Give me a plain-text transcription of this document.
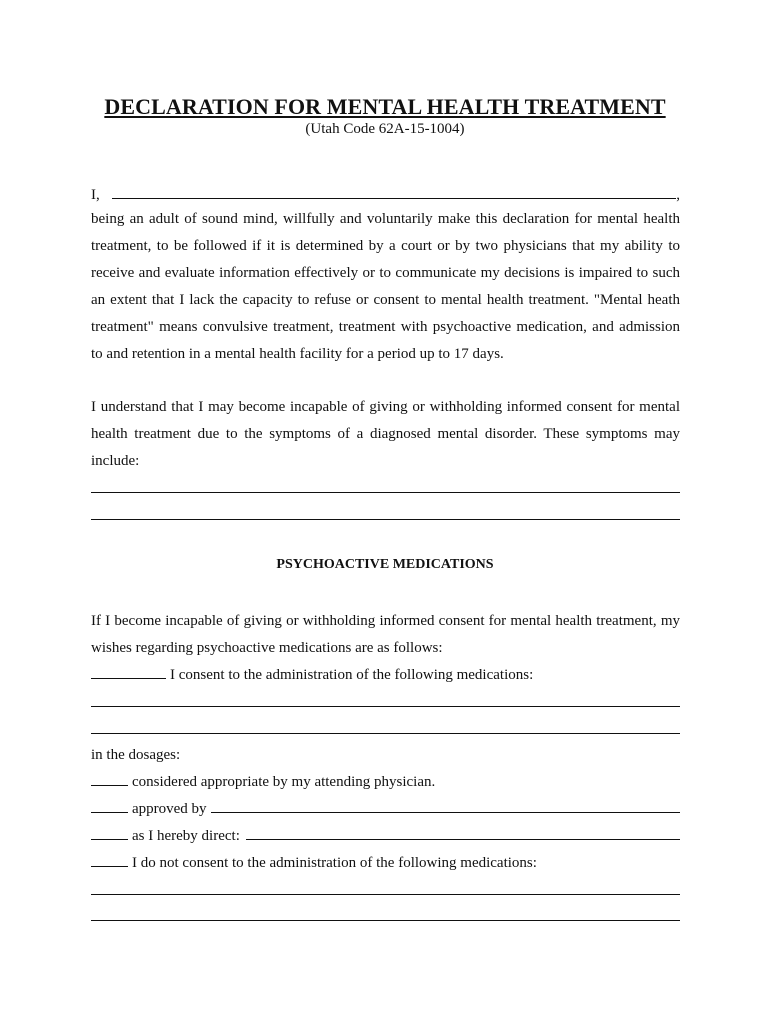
DECLARATION FOR MENTAL HEALTH TREATMENT
(Utah Code 62A-15-1004)
I,	,
being an adult of sound mind, willfully and voluntarily make this declaration for mental health
treatment, to be followed if it is determined by a court or by two physicians that my ability to
receive and evaluate information effectively or to communicate my decisions is impaired to such
an extent that I lack the capacity to refuse or consent to mental health treatment. "Mental heath
treatment" means convulsive treatment, treatment with psychoactive medication, and admission
to and retention in a mental health facility for a period up to 17 days.
I understand that I may become incapable of giving or withholding informed consent for mental
health treatment due to the symptoms of a diagnosed mental disorder. These symptoms may
include:
PSYCHOACTIVE MEDICATIONS
If I become incapable of giving or withholding informed consent for mental health treatment, my
wishes regarding psychoactive medications are as follows:
I consent to the administration of the following medications:
in the dosages:
considered appropriate by my attending physician.
approved by
as I hereby direct:
I do not consent to the administration of the following medications:
